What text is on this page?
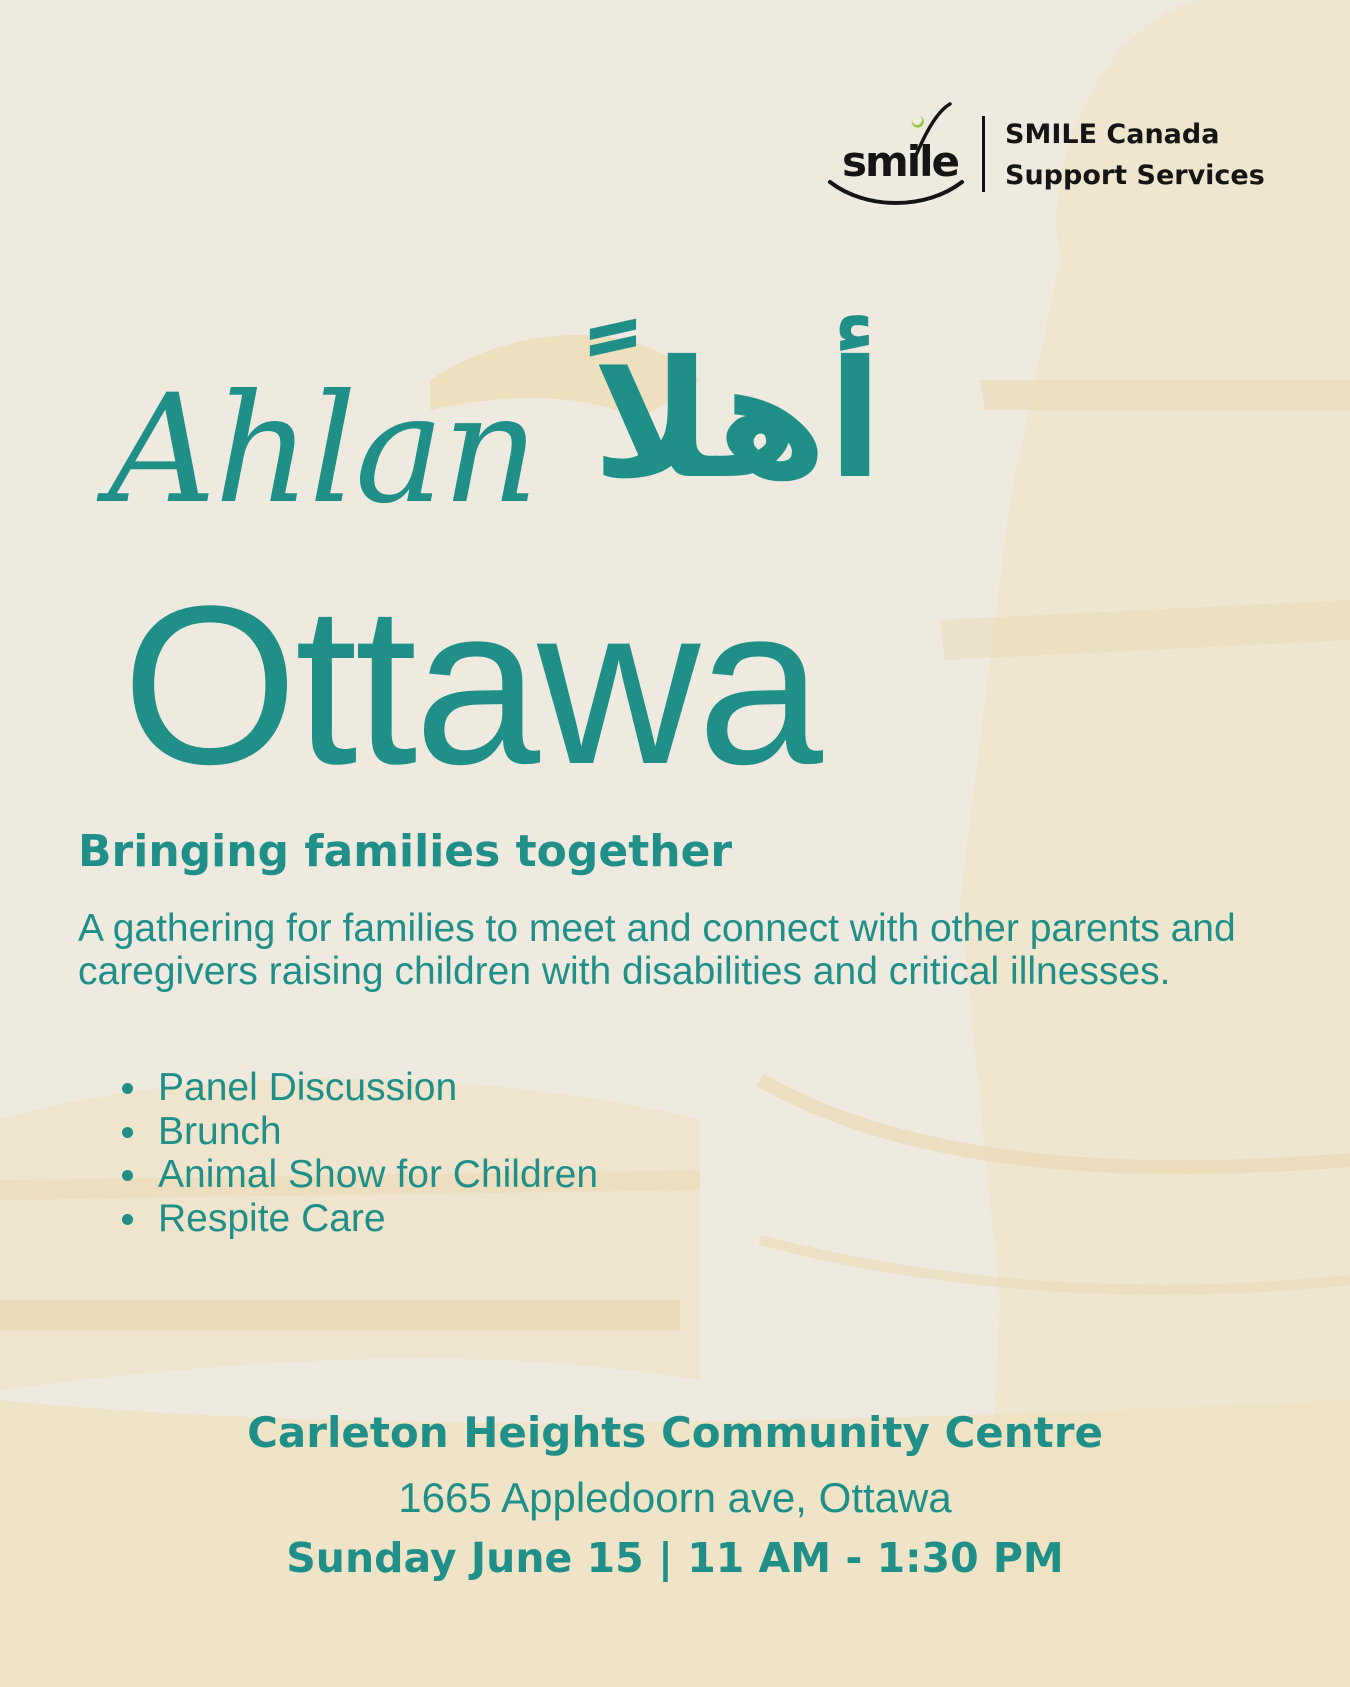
smile
SMILE Canada
Support Services
Ahlan أهلاً
Ottawa
Bringing families together
A gathering for families to meet and connect with other parents and caregivers raising children with disabilities and critical illnesses.
Panel Discussion
Brunch
Animal Show for Children
Respite Care
Carleton Heights Community Centre
1665 Appledoorn ave, Ottawa
Sunday June 15 | 11 AM - 1:30 PM
